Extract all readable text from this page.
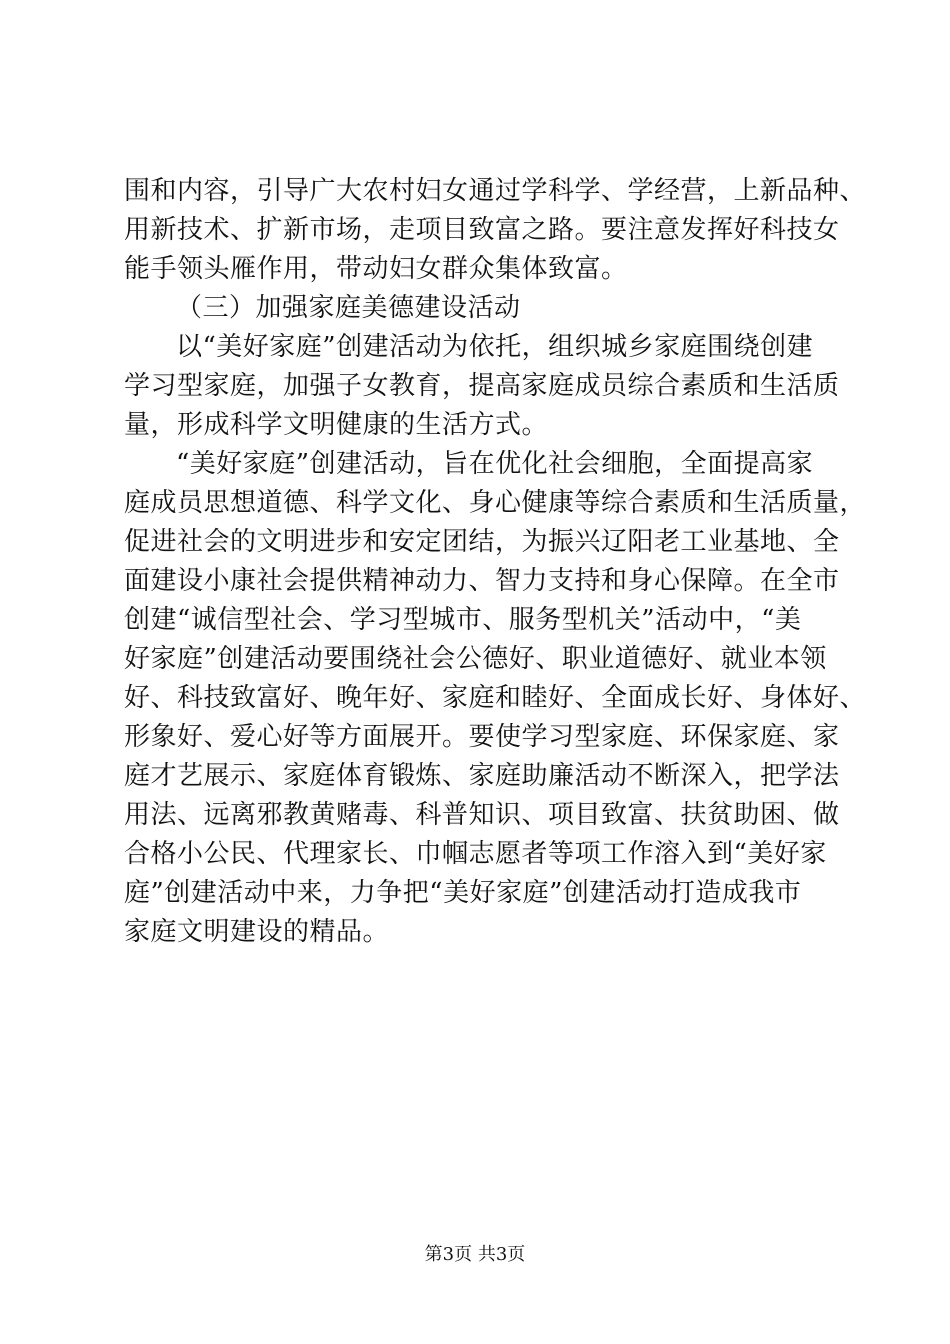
围和内容，引导广大农村妇女通过学科学、学经营，上新品种、
用新技术、扩新市场，走项目致富之路。要注意发挥好科技女
能手领头雁作用，带动妇女群众集体致富。
（三）加强家庭美德建设活动
以“美好家庭”创建活动为依托，组织城乡家庭围绕创建
学习型家庭，加强子女教育，提高家庭成员综合素质和生活质
量，形成科学文明健康的生活方式。
“美好家庭”创建活动，旨在优化社会细胞，全面提高家
庭成员思想道德、科学文化、身心健康等综合素质和生活质量，
促进社会的文明进步和安定团结，为振兴辽阳老工业基地、全
面建设小康社会提供精神动力、智力支持和身心保障。在全市
创建“诚信型社会、学习型城市、服务型机关”活动中，“美
好家庭”创建活动要围绕社会公德好、职业道德好、就业本领
好、科技致富好、晚年好、家庭和睦好、全面成长好、身体好、
形象好、爱心好等方面展开。要使学习型家庭、环保家庭、家
庭才艺展示、家庭体育锻炼、家庭助廉活动不断深入，把学法
用法、远离邪教黄赌毒、科普知识、项目致富、扶贫助困、做
合格小公民、代理家长、巾帼志愿者等项工作溶入到“美好家
庭”创建活动中来，力争把“美好家庭”创建活动打造成我市
家庭文明建设的精品。
第3页 共3页
